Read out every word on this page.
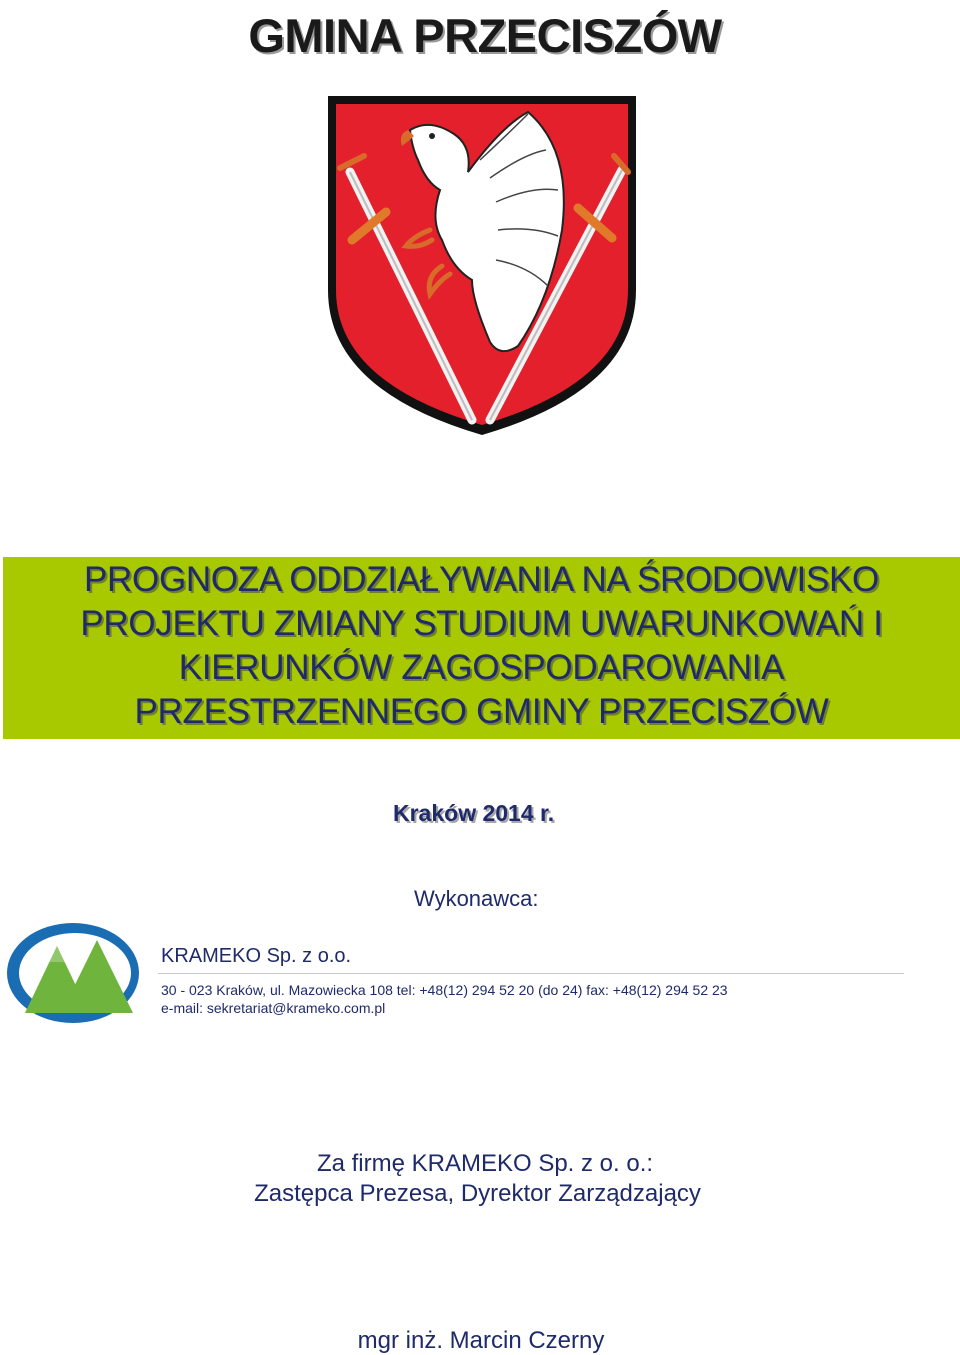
GMINA PRZECISZÓW
PROGNOZA ODDZIAŁYWANIA NA ŚRODOWISKO
PROJEKTU ZMIANY STUDIUM UWARUNKOWAŃ I
KIERUNKÓW ZAGOSPODAROWANIA
PRZESTRZENNEGO GMINY PRZECISZÓW
Kraków 2014 r.
Wykonawca:
KRAMEKO Sp. z o.o.
30 - 023 Kraków, ul. Mazowiecka 108 tel: +48(12) 294 52 20 (do 24) fax: +48(12) 294 52 23
e-mail: sekretariat@krameko.com.pl
Za firmę KRAMEKO Sp. z o. o.:
Zastępca Prezesa, Dyrektor Zarządzający
mgr inż. Marcin Czerny
